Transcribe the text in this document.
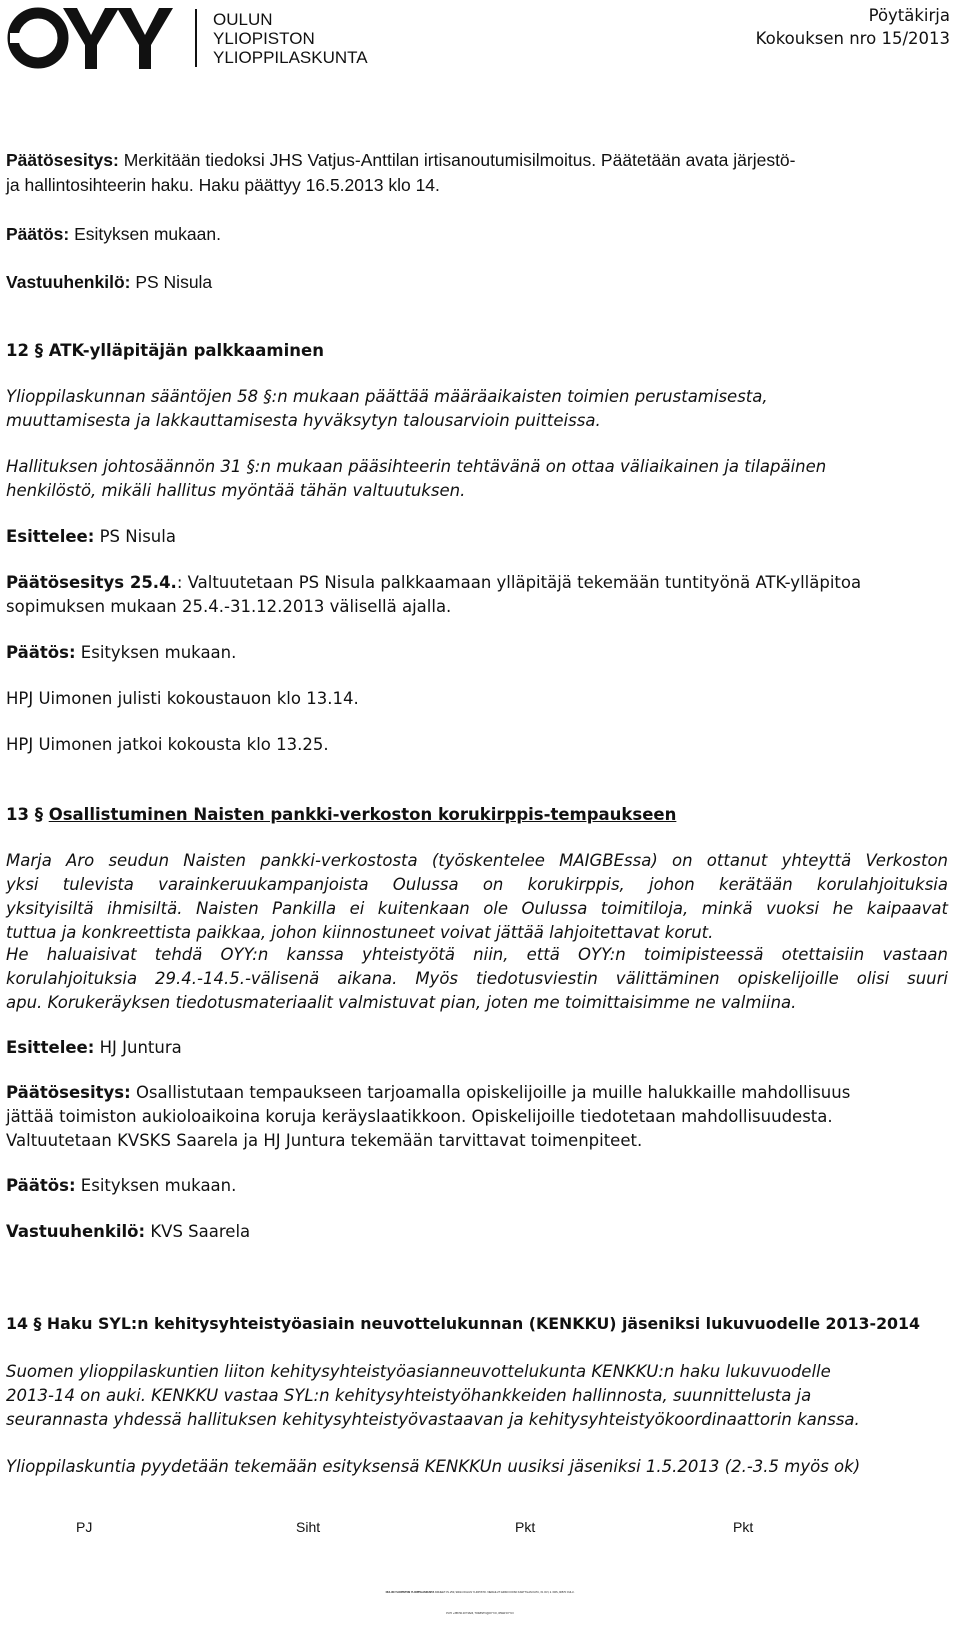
OULUN
YLIOPISTON
YLIOPPILASKUNTA
Pöytäkirja
Kokouksen nro 15/2013
Päätösesitys: Merkitään tiedoksi JHS Vatjus-Anttilan irtisanoutumisilmoitus. Päätetään avata järjestö-
ja hallintosihteerin haku. Haku päättyy 16.5.2013 klo 14.
Päätös: Esityksen mukaan.
Vastuuhenkilö: PS Nisula
12 § ATK-ylläpitäjän palkkaaminen
Ylioppilaskunnan sääntöjen 58 §:n mukaan päättää määräaikaisten toimien perustamisesta,
muuttamisesta ja lakkauttamisesta hyväksytyn talousarvioin puitteissa.
Hallituksen johtosäännön 31 §:n mukaan pääsihteerin tehtävänä on ottaa väliaikainen ja tilapäinen
henkilöstö, mikäli hallitus myöntää tähän valtuutuksen.
Esittelee: PS Nisula
Päätösesitys 25.4.: Valtuutetaan PS Nisula palkkaamaan ylläpitäjä tekemään tuntityönä ATK-ylläpitoa
sopimuksen mukaan 25.4.-31.12.2013 välisellä ajalla.
Päätös: Esityksen mukaan.
HPJ Uimonen julisti kokoustauon klo 13.14.
HPJ Uimonen jatkoi kokousta klo 13.25.
13 § Osallistuminen Naisten pankki-verkoston korukirppis-tempaukseen
Marja Aro seudun Naisten pankki-verkostosta (työskentelee MAIGBEssa) on ottanut yhteyttä Verkoston
yksi tulevista varainkeruukampanjoista Oulussa on korukirppis, johon kerätään korulahjoituksia
yksityisiltä ihmisiltä. Naisten Pankilla ei kuitenkaan ole Oulussa toimitiloja, minkä vuoksi he kaipaavat
tuttua ja konkreettista paikkaa, johon kiinnostuneet voivat jättää lahjoitettavat korut.
He haluaisivat tehdä OYY:n kanssa yhteistyötä niin, että OYY:n toimipisteessä otettaisiin vastaan
korulahjoituksia 29.4.-14.5.-välisenä aikana. Myös tiedotusviestin välittäminen opiskelijoille olisi suuri
apu. Korukeräyksen tiedotusmateriaalit valmistuvat pian, joten me toimittaisimme ne valmiina.
Esittelee: HJ Juntura
Päätösesitys: Osallistutaan tempaukseen tarjoamalla opiskelijoille ja muille halukkaille mahdollisuus
jättää toimiston aukioloaikoina koruja keräyslaatikkoon. Opiskelijoille tiedotetaan mahdollisuudesta.
Valtuutetaan KVSKS Saarela ja HJ Juntura tekemään tarvittavat toimenpiteet.
Päätös: Esityksen mukaan.
Vastuuhenkilö: KVS Saarela
14 § Haku SYL:n kehitysyhteistyöasiain neuvottelukunnan (KENKKU) jäseniksi lukuvuodelle 2013-2014
Suomen ylioppilaskuntien liiton kehitysyhteistyöasianneuvottelukunta KENKKU:n haku lukuvuodelle
2013-14 on auki. KENKKU vastaa SYL:n kehitysyhteistyöhankkeiden hallinnosta, suunnittelusta ja
seurannasta yhdessä hallituksen kehitysyhteistyövastaavan ja kehitysyhteistyökoordinaattorin kanssa.
Ylioppilaskuntia pyydetään tekemään esityksensä KENKKUn uusiksi jäseniksi 1.5.2013 (2.-3.5 myös ok)
PJ	Siht	Pkt	Pkt
OULUN YLIOPISTON YLIOPPILASKUNTA KIRJEET: PL 250, 90014 OULUN YLIOPISTO. VIERAILUT: ERKKI KOISO KANTTILAN KATU, X1 OVI, 2. KRS, 90570 OULU.
PUH: +358 50 407 9623, TOIMISTO@OYY.FI, WWW.OYY.FI
